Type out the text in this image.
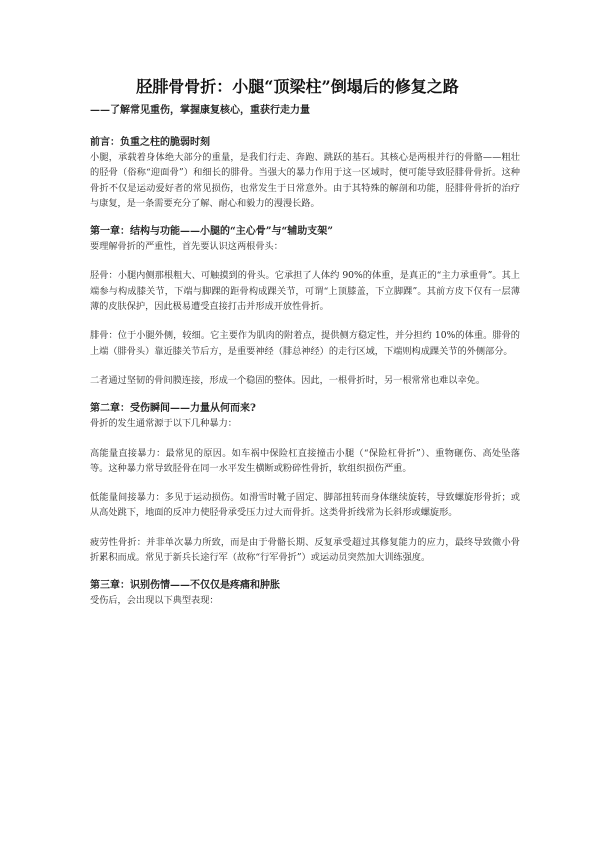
胫腓骨骨折：小腿“顶梁柱”倒塌后的修复之路
——了解常见重伤，掌握康复核心，重获行走力量

前言：负重之柱的脆弱时刻

小腿，承载着身体绝大部分的重量，是我们行走、奔跑、跳跃的基石。其核心是两根并行的骨骼——粗壮的胫骨（俗称“迎面骨”）和细长的腓骨。当强大的暴力作用于这一区域时，便可能导致胫腓骨骨折。这种骨折不仅是运动爱好者的常见损伤，也常发生于日常意外。由于其特殊的解剖和功能，胫腓骨骨折的治疗与康复，是一条需要充分了解、耐心和毅力的漫漫长路。

第一章：结构与功能——小腿的“主心骨”与“辅助支架”

要理解骨折的严重性，首先要认识这两根骨头：

胫骨：小腿内侧那根粗大、可触摸到的骨头。它承担了人体约 90%的体重，是真正的“主力承重骨”。其上端参与构成膝关节，下端与脚踝的距骨构成踝关节，可谓“上顶膝盖，下立脚踝”。其前方皮下仅有一层薄薄的皮肤保护，因此极易遭受直接打击并形成开放性骨折。

腓骨：位于小腿外侧，较细。它主要作为肌肉的附着点，提供侧方稳定性，并分担约 10%的体重。腓骨的上端（腓骨头）靠近膝关节后方，是重要神经（腓总神经）的走行区域，下端则构成踝关节的外侧部分。

二者通过坚韧的骨间膜连接，形成一个稳固的整体。因此，一根骨折时，另一根常常也难以幸免。

第二章：受伤瞬间——力量从何而来?

骨折的发生通常源于以下几种暴力：

高能量直接暴力：最常见的原因。如车祸中保险杠直接撞击小腿（“保险杠骨折”）、重物砸伤、高处坠落等。这种暴力常导致胫骨在同一水平发生横断或粉碎性骨折，软组织损伤严重。

低能量间接暴力：多见于运动损伤。如滑雪时靴子固定、脚部扭转而身体继续旋转，导致螺旋形骨折；或从高处跳下，地面的反冲力使胫骨承受压力过大而骨折。这类骨折线常为长斜形或螺旋形。

疲劳性骨折：并非单次暴力所致，而是由于骨骼长期、反复承受超过其修复能力的应力，最终导致微小骨折累积而成。常见于新兵长途行军（故称“行军骨折”）或运动员突然加大训练强度。

第三章：识别伤情——不仅仅是疼痛和肿胀

受伤后，会出现以下典型表现：
